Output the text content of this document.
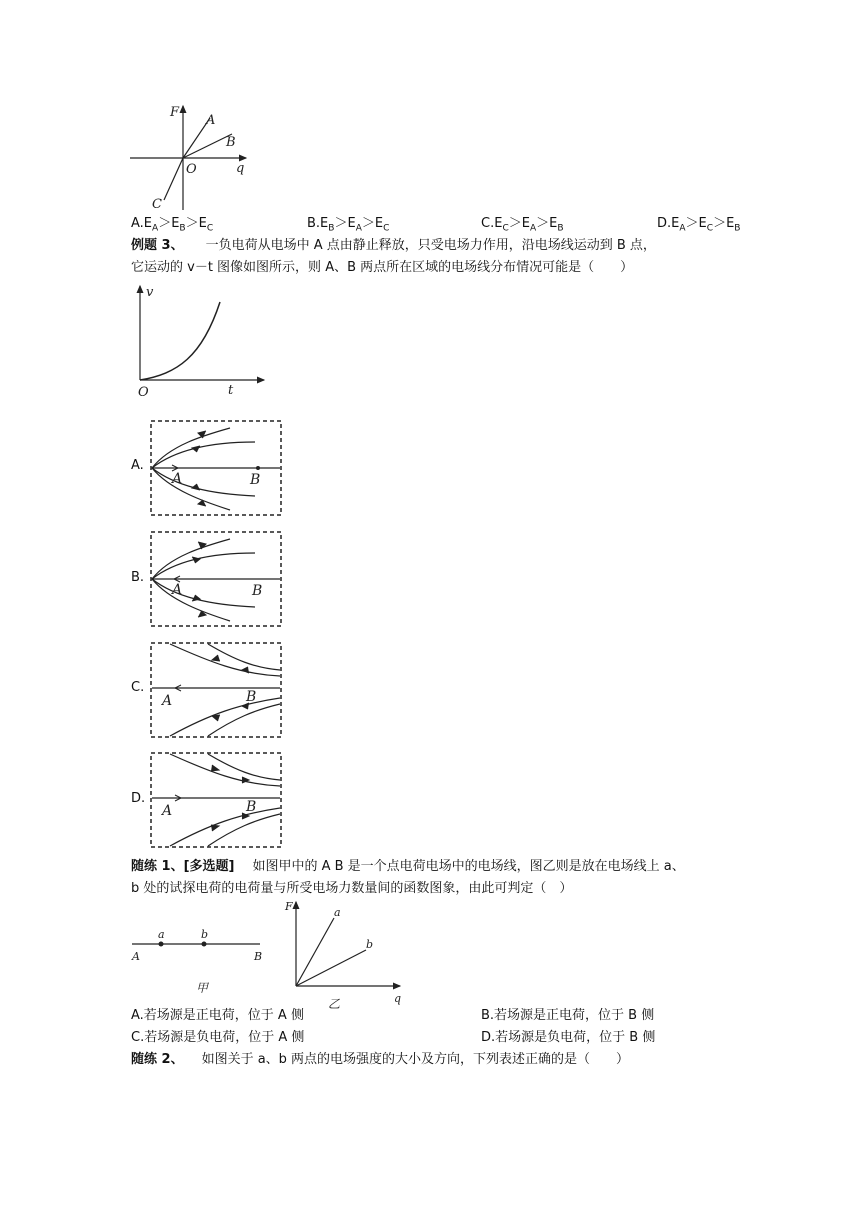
F
A
B
O	q
C
$A.E_A>E_B>E_C$	$B.E_B>E_A>E_C$	$C.E_C>E_A>E_B$	$D.E_A>E_C>E_B$
例题 3、 一负电荷从电场中 A 点由静止释放，只受电场力作用，沿电场线运动到 B 点，
它运动的 v－t 图像如图所示，则 A、B 两点所在区域的电场线分布情况可能是（　　）
v
O	t
A.
A	B
B.
A	B
C.
A	B
D.
A	B
随练 1、[多选题] 如图甲中的 A B 是一个点电荷电场中的电场线，图乙则是放在电场线上 a、
b 处的试探电荷的电荷量与所受电场力数量间的函数图象，由此可判定（　）
a	b
A	B
甲
F	a
b
q
乙
A.若场源是正电荷，位于 A 侧	B.若场源是正电荷，位于 B 侧
C.若场源是负电荷，位于 A 侧	D.若场源是负电荷，位于 B 侧
随练 2、 如图关于 a、b 两点的电场强度的大小及方向，下列表述正确的是（　　）
